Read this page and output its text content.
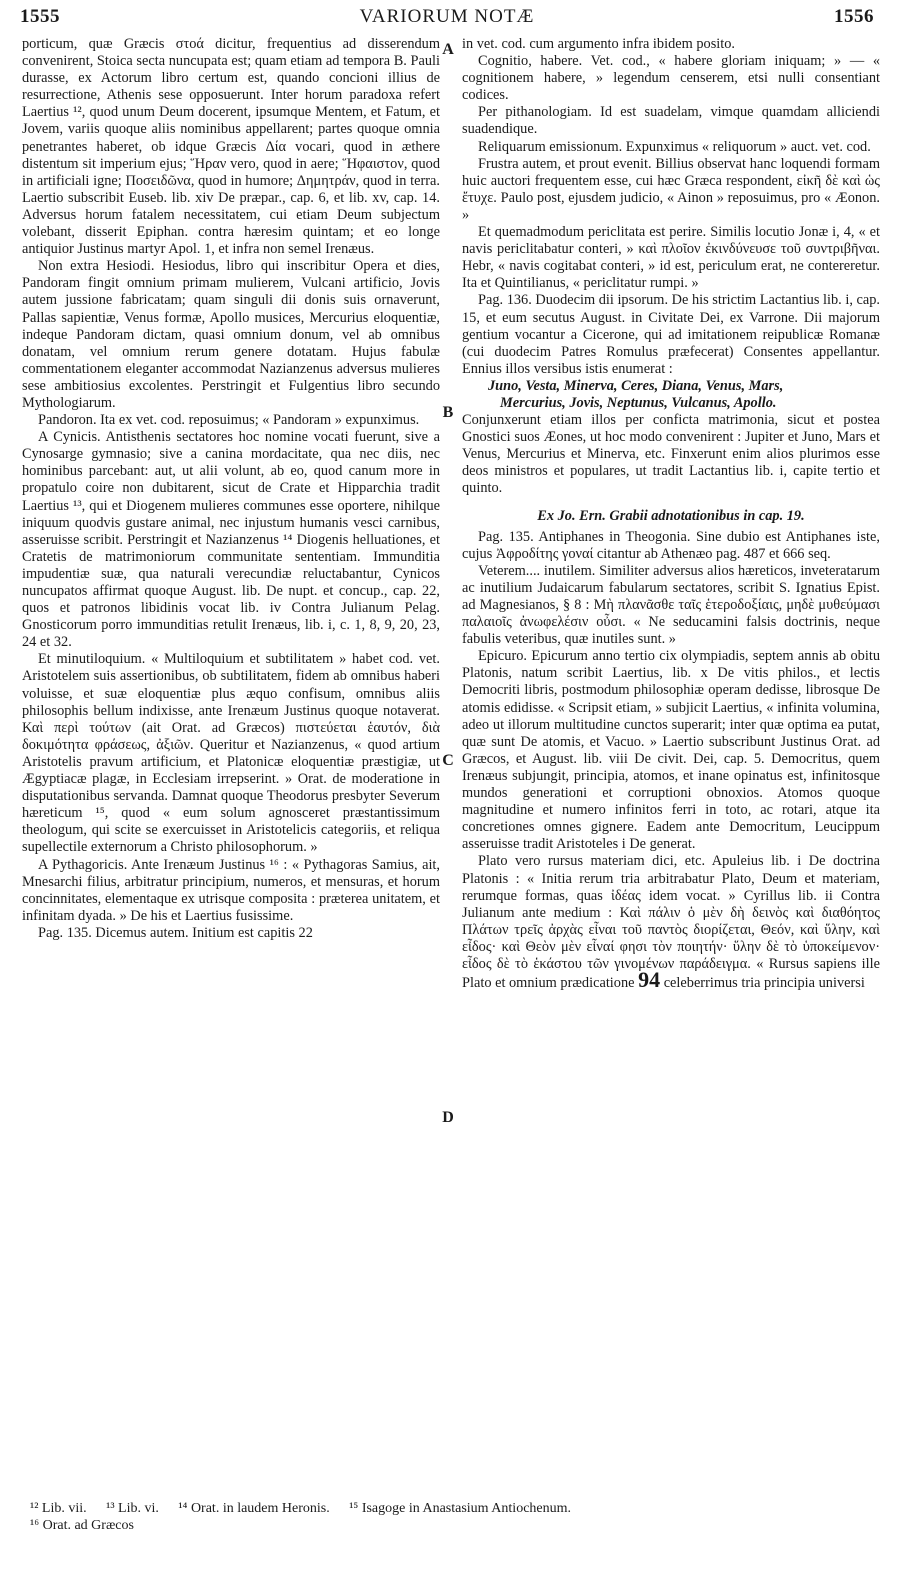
1555	VARIORUM NOTÆ	1556
A
B
C
D

porticum, quæ Græcis στοά dicitur, frequentius ad disserendum convenirent, Stoica secta nuncupata est; quam etiam ad tempora B. Pauli durasse, ex Actorum libro certum est, quando concioni illius de resurrectione, Athenis sese opposuerunt. Inter horum paradoxa refert Laertius ¹², quod unum Deum docerent, ipsumque Mentem, et Fatum, et Jovem, variis quoque aliis nominibus appellarent; partes quoque omnia penetrantes haberet, ob idque Græcis Δία vocari, quod in æthere distentum sit imperium ejus; Ἥραν vero, quod in aere; Ἥφαιστον, quod in artificiali igne; Ποσειδῶνα, quod in humore; Δημητράν, quod in terra. Laertio subscribit Euseb. lib. xiv De præpar., cap. 6, et lib. xv, cap. 14. Adversus horum fatalem necessitatem, cui etiam Deum subjectum volebant, disserit Epiphan. contra hæresim quintam; et eo longe antiquior Justinus martyr Apol. 1, et infra non semel Irenæus.

Non extra Hesiodi. Hesiodus, libro qui inscribitur Opera et dies, Pandoram fingit omnium primam mulierem, Vulcani artificio, Jovis autem jussione fabricatam; quam singuli dii donis suis ornaverunt, Pallas sapientiæ, Venus formæ, Apollo musices, Mercurius eloquentiæ, indeque Pandoram dictam, quasi omnium donum, vel ab omnibus donatam, vel omnium rerum genere dotatam. Hujus fabulæ commentationem eleganter accommodat Nazianzenus adversus mulieres sese ambitiosius excolentes. Perstringit et Fulgentius libro secundo Mythologiarum.

Pandoron. Ita ex vet. cod. reposuimus; « Pandoram » expunximus.

A Cynicis. Antisthenis sectatores hoc nomine vocati fuerunt, sive a Cynosarge gymnasio; sive a canina mordacitate, qua nec diis, nec hominibus parcebant: aut, ut alii volunt, ab eo, quod canum more in propatulo coire non dubitarent, sicut de Crate et Hipparchia tradit Laertius ¹³, qui et Diogenem mulieres communes esse oportere, nihilque iniquum quodvis gustare animal, nec injustum humanis vesci carnibus, asseruisse scribit. Perstringit et Nazianzenus ¹⁴ Diogenis helluationes, et Cratetis de matrimoniorum communitate sententiam. Immunditia impudentiæ suæ, qua naturali verecundiæ reluctabantur, Cynicos nuncupatos affirmat quoque August. lib. De nupt. et concup., cap. 22, quos et patronos libidinis vocat lib. iv Contra Julianum Pelag. Gnosticorum porro immunditias retulit Irenæus, lib. i, c. 1, 8, 9, 20, 23, 24 et 32.

Et minutiloquium. « Multiloquium et subtilitatem » habet cod. vet. Aristotelem suis assertionibus, ob subtilitatem, fidem ab omnibus haberi voluisse, et suæ eloquentiæ plus æquo confisum, omnibus aliis philosophis bellum indixisse, ante Irenæum Justinus quoque notaverat. Καὶ περὶ τούτων (ait Orat. ad Græcos) πιστεύεται ἑαυτόν, διὰ δοκιμότητα φράσεως, ἀξιῶν. Queritur et Nazianzenus, « quod artium Aristotelis pravum artificium, et Platonicæ eloquentiæ præstigiæ, ut Ægyptiacæ plagæ, in Ecclesiam irrepserint. » Orat. de moderatione in disputationibus servanda. Damnat quoque Theodorus presbyter Severum hæreticum ¹⁵, quod « eum solum agnosceret præstantissimum theologum, qui scite se exercuisset in Aristotelicis categoriis, et reliqua supellectile externorum a Christo philosophorum. »

A Pythagoricis. Ante Irenæum Justinus ¹⁶ : « Pythagoras Samius, ait, Mnesarchi filius, arbitratur principium, numeros, et mensuras, et horum concinnitates, elementaque ex utrisque composita : præterea unitatem, et infinitam dyada. » De his et Laertius fusissime.

Pag. 135. Dicemus autem. Initium est capitis 22

in vet. cod. cum argumento infra ibidem posito.

Cognitio, habere. Vet. cod., « habere gloriam iniquam; » — « cognitionem habere, » legendum censerem, etsi nulli consentiant codices.

Per pithanologiam. Id est suadelam, vimque quamdam alliciendi suadendique.

Reliquarum emissionum. Expunximus « reliquorum » auct. vet. cod.

Frustra autem, et prout evenit. Billius observat hanc loquendi formam huic auctori frequentem esse, cui hæc Græca respondent, εἰκῆ δὲ καὶ ὡς ἔτυχε. Paulo post, ejusdem judicio, « Ainon » reposuimus, pro « Æonon. »

Et quemadmodum periclitata est perire. Similis locutio Jonæ i, 4, « et navis periclitabatur conteri, » καὶ πλοῖον ἐκινδύνευσε τοῦ συντριβῆναι. Hebr, « navis cogitabat conteri, » id est, periculum erat, ne contereretur. Ita et Quintilianus, « periclitatur rumpi. »

Pag. 136. Duodecim dii ipsorum. De his strictim Lactantius lib. i, cap. 15, et eum secutus August. in Civitate Dei, ex Varrone. Dii majorum gentium vocantur a Cicerone, qui ad imitationem reipublicæ Romanæ (cui duodecim Patres Romulus præfecerat) Consentes appellantur. Ennius illos versibus istis enumerat :

Juno, Vesta, Minerva, Ceres, Diana, Venus, Mars,

Mercurius, Jovis, Neptunus, Vulcanus, Apollo.

Conjunxerunt etiam illos per conficta matrimonia, sicut et postea Gnostici suos Æones, ut hoc modo convenirent : Jupiter et Juno, Mars et Venus, Mercurius et Minerva, etc. Finxerunt enim alios plurimos esse deos ministros et populares, ut tradit Lactantius lib. i, capite tertio et quinto.

Ex Jo. Ern. Grabii adnotationibus in cap. 19.

Pag. 135. Antiphanes in Theogonia. Sine dubio est Antiphanes iste, cujus Ἀφροδίτης γοναί citantur ab Athenæo pag. 487 et 666 seq.

Veterem.... inutilem. Similiter adversus alios hæreticos, inveteratarum ac inutilium Judaicarum fabularum sectatores, scribit S. Ignatius Epist. ad Magnesianos, § 8 : Μὴ πλανᾶσθε ταῖς ἑτεροδοξίαις, μηδὲ μυθεύμασι παλαιοῖς ἀνωφελέσιν οὖσι. « Ne seducamini falsis doctrinis, neque fabulis veteribus, quæ inutiles sunt. »

Epicuro. Epicurum anno tertio cix olympiadis, septem annis ab obitu Platonis, natum scribit Laertius, lib. x De vitis philos., et lectis Democriti libris, postmodum philosophiæ operam dedisse, librosque De atomis edidisse. « Scripsit etiam, » subjicit Laertius, « infinita volumina, adeo ut illorum multitudine cunctos superarit; inter quæ optima ea putat, quæ sunt De atomis, et Vacuo. » Laertio subscribunt Justinus Orat. ad Græcos, et August. lib. viii De civit. Dei, cap. 5. Democritus, quem Irenæus subjungit, principia, atomos, et inane opinatus est, infinitosque mundos generationi et corruptioni obnoxios. Atomos quoque magnitudine et numero infinitos ferri in toto, ac rotari, atque ita concretiones omnes gignere. Eadem ante Democritum, Leucippum asseruisse tradit Aristoteles i De generat.

Plato vero rursus materiam dici, etc. Apuleius lib. i De doctrina Platonis : « Initia rerum tria arbitrabatur Plato, Deum et materiam, rerumque formas, quas ἰδέας idem vocat. » Cyrillus lib. ii Contra Julianum ante medium : Καὶ πάλιν ὁ μὲν δὴ δεινὸς καὶ διαθόητος Πλάτων τρεῖς ἀρχὰς εἶναι τοῦ παντὸς διορίζεται, Θεόν, καὶ ὕλην, καὶ εἶδος· καὶ Θεὸν μὲν εἶναί φησι τὸν ποιητήν· ὕλην δὲ τὸ ὑποκείμενον· εἶδος δὲ τὸ ἑκάστου τῶν γινομένων παράδειγμα. « Rursus sapiens ille Plato et omnium prædicatione 94 celeberrimus tria principia universi

¹² Lib. vii. ¹³ Lib. vi. ¹⁴ Orat. in laudem Heronis. ¹⁵ Isagoge in Anastasium Antiochenum.
¹⁶ Orat. ad Græcos
